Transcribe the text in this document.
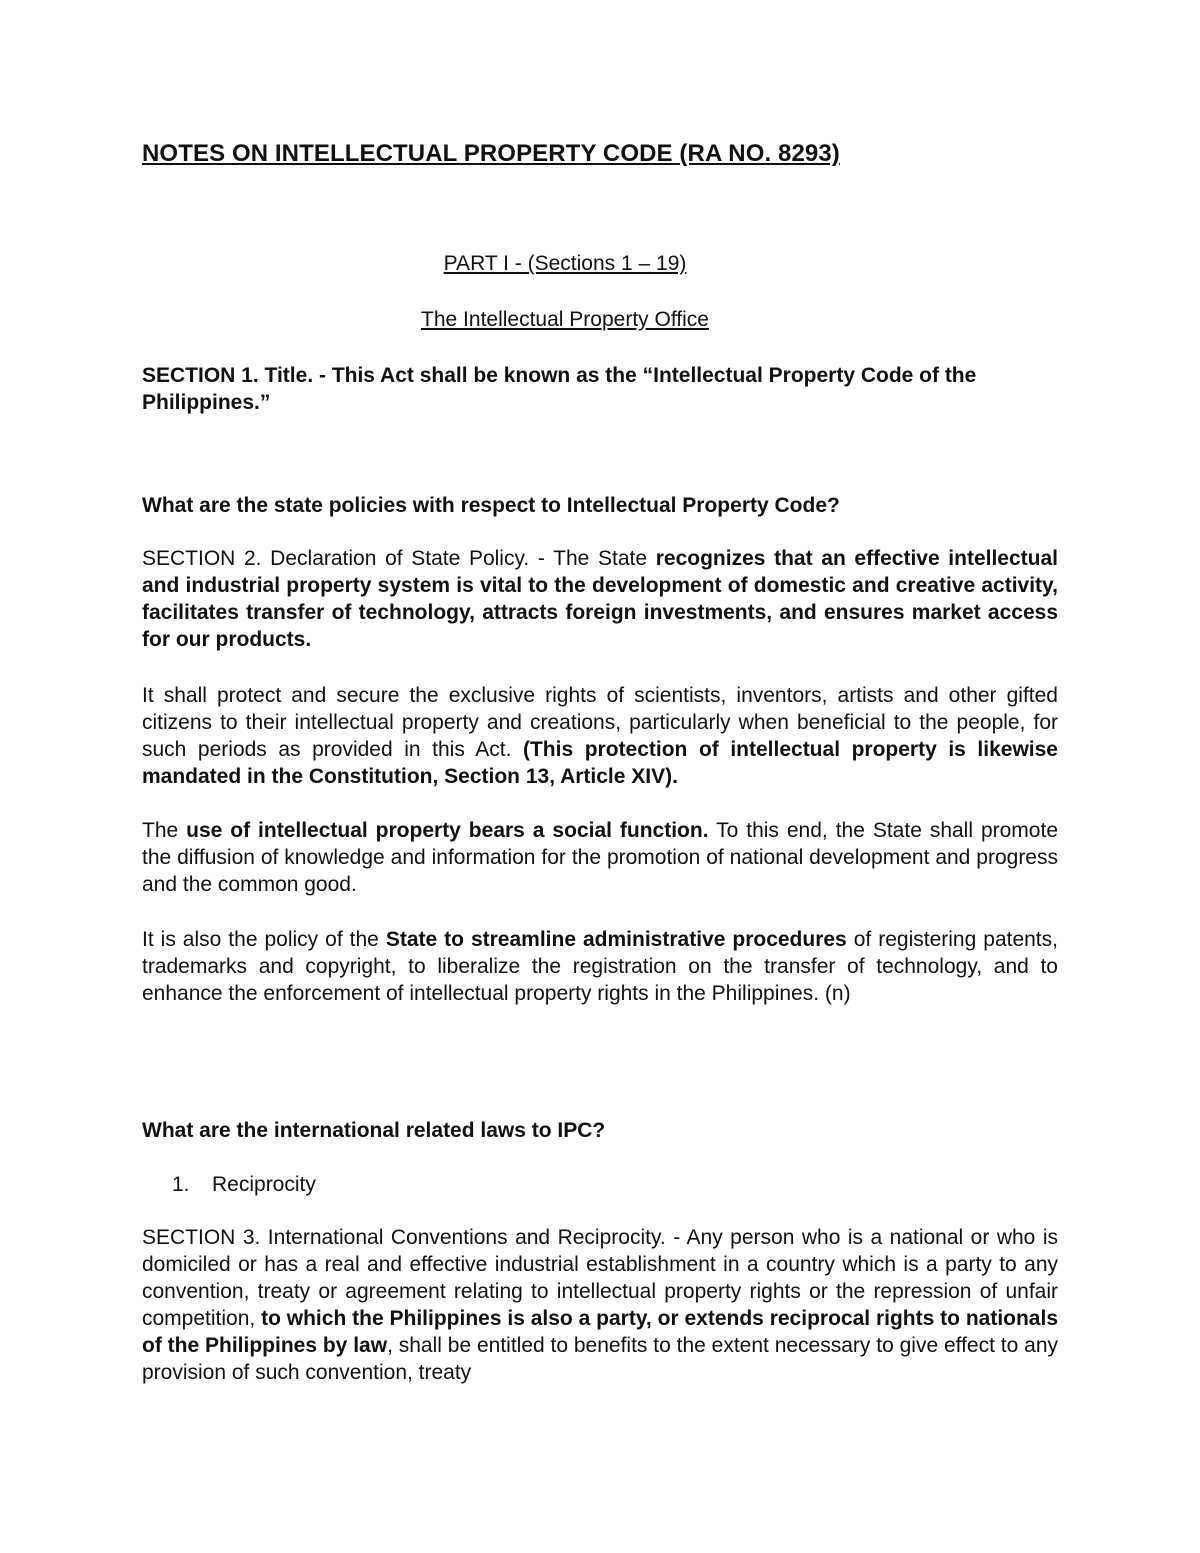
NOTES ON INTELLECTUAL PROPERTY CODE (RA NO. 8293)

PART I - (Sections 1 – 19)

The Intellectual Property Office

SECTION 1. Title. - This Act shall be known as the “Intellectual Property Code of the Philippines.”

What are the state policies with respect to Intellectual Property Code?

SECTION 2. Declaration of State Policy. - The State recognizes that an effective intellectual and industrial property system is vital to the development of domestic and creative activity, facilitates transfer of technology, attracts foreign investments, and ensures market access for our products.

It shall protect and secure the exclusive rights of scientists, inventors, artists and other gifted citizens to their intellectual property and creations, particularly when beneficial to the people, for such periods as provided in this Act. (This protection of intellectual property is likewise mandated in the Constitution, Section 13, Article XIV).

The use of intellectual property bears a social function. To this end, the State shall promote the diffusion of knowledge and information for the promotion of national development and progress and the common good.

It is also the policy of the State to streamline administrative procedures of registering patents, trademarks and copyright, to liberalize the registration on the transfer of technology, and to enhance the enforcement of intellectual property rights in the Philippines. (n)

What are the international related laws to IPC?

1. Reciprocity

SECTION 3. International Conventions and Reciprocity. - Any person who is a national or who is domiciled or has a real and effective industrial establishment in a country which is a party to any convention, treaty or agreement relating to intellectual property rights or the repression of unfair competition, to which the Philippines is also a party, or extends reciprocal rights to nationals of the Philippines by law, shall be entitled to benefits to the extent necessary to give effect to any provision of such convention, treaty
